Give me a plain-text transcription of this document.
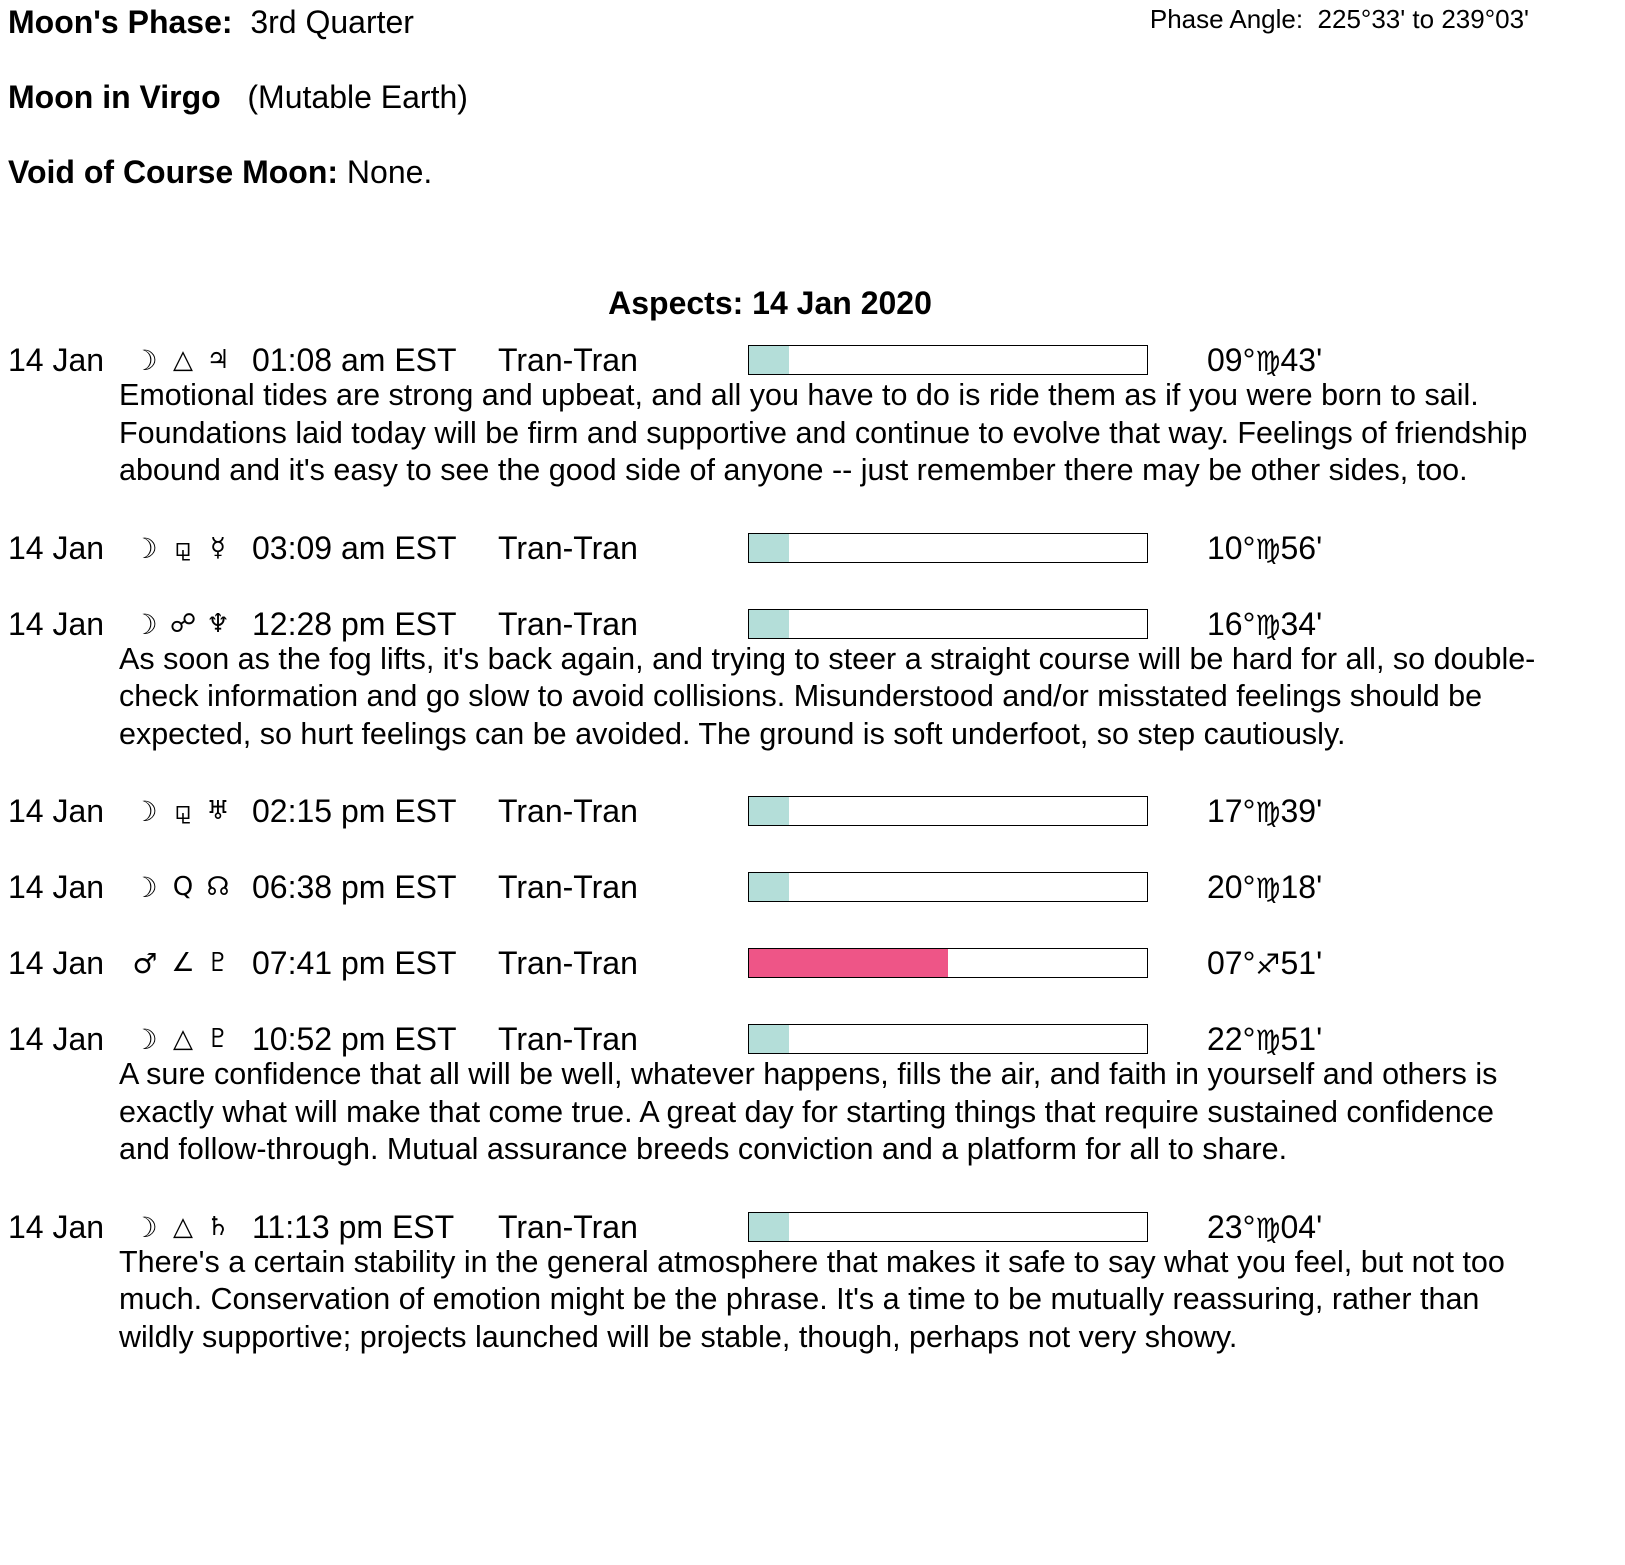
Moon's Phase: 3rd Quarter	Phase Angle: 225°33' to 239°03'
Moon in Virgo (Mutable Earth)
Void of Course Moon: None.
Aspects: 14 Jan 2020
14 Jan ☽ △ ♃ 01:08 am EST Tran-Tran	09°♍43'
Emotional tides are strong and upbeat, and all you have to do is ride them as if you were born to sail. Foundations laid today will be firm and supportive and continue to evolve that way. Feelings of friendship abound and it's easy to see the good side of anyone -- just remember there may be other sides, too.
14 Jan ☽ ⚼ ☿ 03:09 am EST Tran-Tran	10°♍56'
14 Jan ☽ ☍ ♆ 12:28 pm EST Tran-Tran	16°♍34'
As soon as the fog lifts, it's back again, and trying to steer a straight course will be hard for all, so double-check information and go slow to avoid collisions. Misunderstood and/or misstated feelings should be expected, so hurt feelings can be avoided. The ground is soft underfoot, so step cautiously.
14 Jan ☽ ⚼ ♅ 02:15 pm EST Tran-Tran	17°♍39'
14 Jan ☽ Q ☊ 06:38 pm EST Tran-Tran	20°♍18'
14 Jan ♂ ∠ ♇ 07:41 pm EST Tran-Tran	07°♐51'
14 Jan ☽ △ ♇ 10:52 pm EST Tran-Tran	22°♍51'
A sure confidence that all will be well, whatever happens, fills the air, and faith in yourself and others is exactly what will make that come true. A great day for starting things that require sustained confidence and follow-through. Mutual assurance breeds conviction and a platform for all to share.
14 Jan ☽ △ ♄ 11:13 pm EST Tran-Tran	23°♍04'
There's a certain stability in the general atmosphere that makes it safe to say what you feel, but not too much. Conservation of emotion might be the phrase. It's a time to be mutually reassuring, rather than wildly supportive; projects launched will be stable, though, perhaps not very showy.
